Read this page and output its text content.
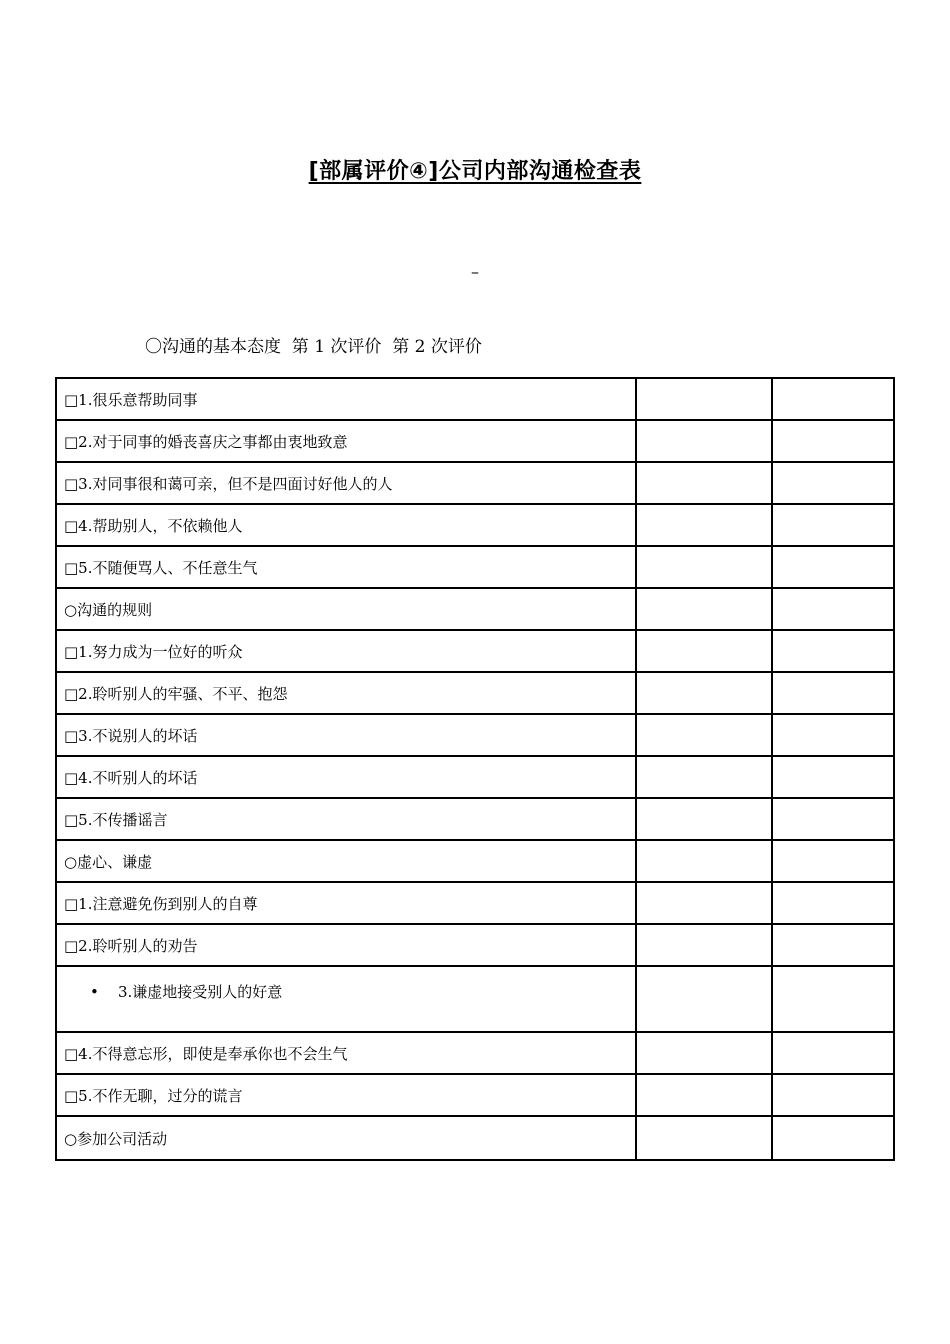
[部属评价④]公司内部沟通检查表
–
〇沟通的基本态度  第 1 次评价  第 2 次评价
□1.很乐意帮助同事		
□2.对于同事的婚丧喜庆之事都由衷地致意		
□3.对同事很和蔼可亲，但不是四面讨好他人的人		
□4.帮助别人，不依赖他人		
□5.不随便骂人、不任意生气		
○沟通的规则		
□1.努力成为一位好的听众		
□2.聆听别人的牢骚、不平、抱怨		
□3.不说别人的坏话		
□4.不听别人的坏话		
□5.不传播谣言		
○虚心、谦虚		
□1.注意避免伤到别人的自尊		
□2.聆听别人的劝告		
• 3.谦虚地接受别人的好意		
□4.不得意忘形，即使是奉承你也不会生气		
□5.不作无聊，过分的谎言		
○参加公司活动		
